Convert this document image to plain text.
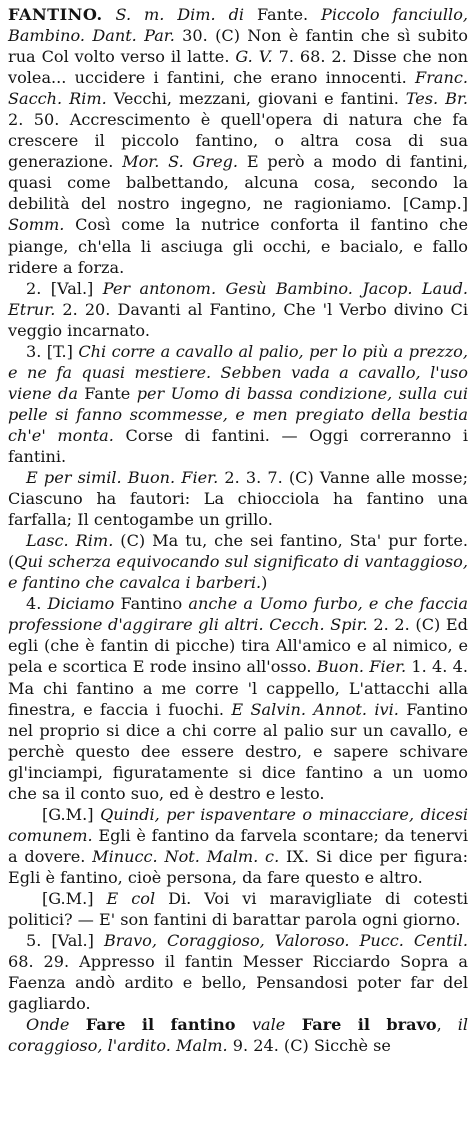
FANTINO. S. m. Dim. di Fante. Piccolo fanciullo, Bambino. Dant. Par. 30. (C) Non è fantin che sì subito rua Col volto verso il latte. G. V. 7. 68. 2. Disse che non volea... uccidere i fantini, che erano innocenti. Franc. Sacch. Rim. Vecchi, mezzani, giovani e fantini. Tes. Br. 2. 50. Accrescimento è quell'opera di natura che fa crescere il piccolo fantino, o altra cosa di sua generazione. Mor. S. Greg. E però a modo di fantini, quasi come balbettando, alcuna cosa, secondo la debilità del nostro ingegno, ne ragioniamo. [Camp.] Somm. Così come la nutrice conforta il fantino che piange, ch'ella li asciuga gli occhi, e bacialo, e fallo ridere a forza.

2. [Val.] Per antonom. Gesù Bambino. Jacop. Laud. Etrur. 2. 20. Davanti al Fantino, Che 'l Verbo divino Ci veggio incarnato.

3. [T.] Chi corre a cavallo al palio, per lo più a prezzo, e ne fa quasi mestiere. Sebben vada a cavallo, l'uso viene da Fante per Uomo di bassa condizione, sulla cui pelle si fanno scommesse, e men pregiato della bestia ch'e' monta. Corse di fantini. — Oggi correranno i fantini.

E per simil. Buon. Fier. 2. 3. 7. (C) Vanne alle mosse; Ciascuno ha fautori: La chiocciola ha fantino una farfalla; Il centogambe un grillo.

Lasc. Rim. (C) Ma tu, che sei fantino, Sta' pur forte. (Qui scherza equivocando sul significato di vantaggioso, e fantino che cavalca i barberi.)

4. Diciamo Fantino anche a Uomo furbo, e che faccia professione d'aggirare gli altri. Cecch. Spir. 2. 2. (C) Ed egli (che è fantin di picche) tira All'amico e al nimico, e pela e scortica E rode insino all'osso. Buon. Fier. 1. 4. 4. Ma chi fantino a me corre 'l cappello, L'attacchi alla finestra, e faccia i fuochi. E Salvin. Annot. ivi. Fantino nel proprio si dice a chi corre al palio sur un cavallo, e perchè questo dee essere destro, e sapere schivare gl'inciampi, figuratamente si dice fantino a un uomo che sa il conto suo, ed è destro e lesto.

[G.M.] Quindi, per ispaventare o minacciare, dicesi comunem. Egli è fantino da farvela scontare; da tenervi a dovere. Minucc. Not. Malm. c. IX. Si dice per figura: Egli è fantino, cioè persona, da fare questo e altro.

[G.M.] E col Di. Voi vi maravigliate di cotesti politici? — E' son fantini di barattar parola ogni giorno.

5. [Val.] Bravo, Coraggioso, Valoroso. Pucc. Centil. 68. 29. Appresso il fantin Messer Ricciardo Sopra a Faenza andò ardito e bello, Pensandosi poter far del gagliardo.

Onde Fare il fantino vale Fare il bravo, il coraggioso, l'ardito. Malm. 9. 24. (C) Sicchè se
